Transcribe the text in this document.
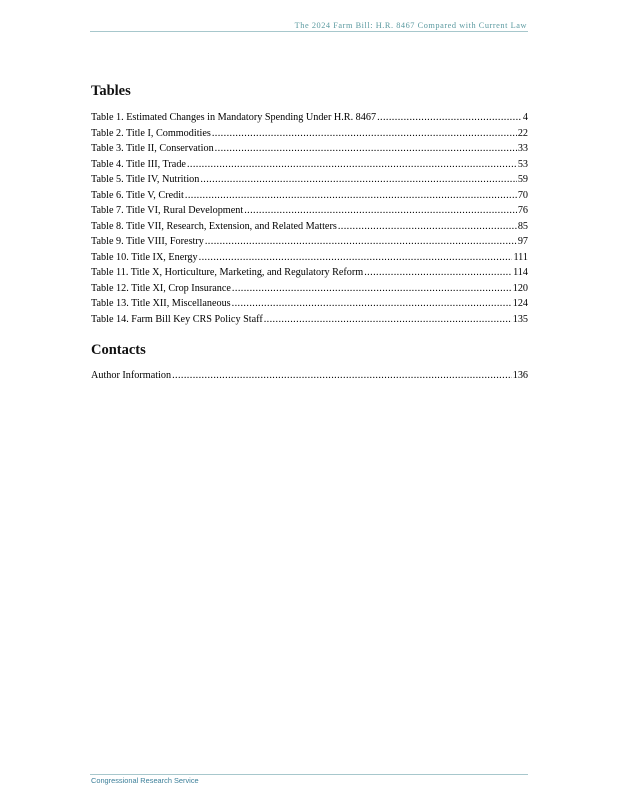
The 2024 Farm Bill: H.R. 8467 Compared with Current Law
Tables
Table 1. Estimated Changes in Mandatory Spending Under H.R. 8467 .....	4
Table 2. Title I, Commodities .....	22
Table 3. Title II, Conservation .....	33
Table 4. Title III, Trade .....	53
Table 5. Title IV, Nutrition .....	59
Table 6. Title V, Credit .....	70
Table 7. Title VI, Rural Development .....	76
Table 8. Title VII, Research, Extension, and Related Matters .....	85
Table 9. Title VIII, Forestry .....	97
Table 10. Title IX, Energy .....	111
Table 11. Title X, Horticulture, Marketing, and Regulatory Reform .....	114
Table 12. Title XI, Crop Insurance .....	120
Table 13. Title XII, Miscellaneous .....	124
Table 14. Farm Bill Key CRS Policy Staff .....	135
Contacts
Author Information .....	136
Congressional Research Service
